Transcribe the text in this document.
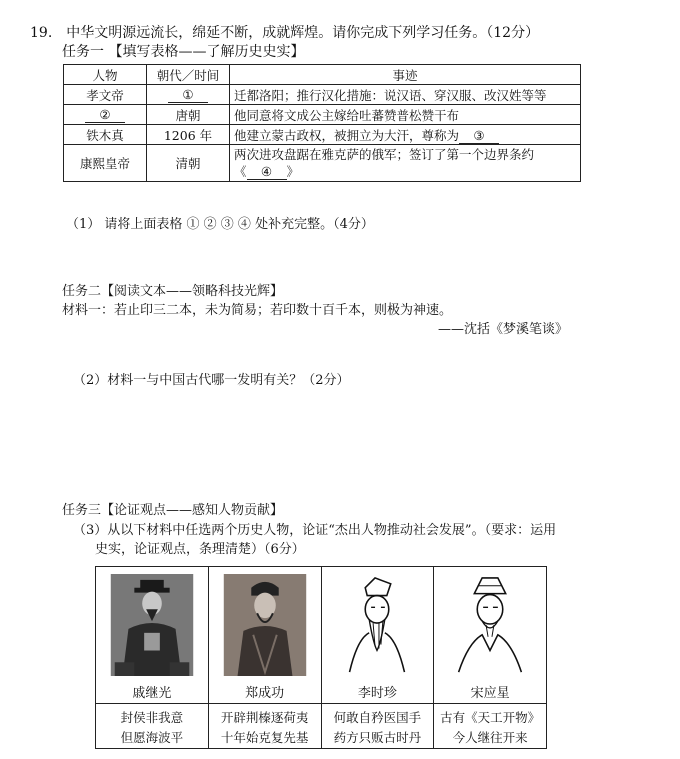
19. 中华文明源远流长，绵延不断，成就辉煌。请你完成下列学习任务。（12分）
任务一 【填写表格——了解历史史实】
人物	朝代／时间	事迹
孝文帝	①	迁都洛阳；推行汉化措施：说汉语、穿汉服、改汉姓等等
②	唐朝	他同意将文成公主嫁给吐蕃赞普松赞干布
铁木真	1206 年	他建立蒙古政权，被拥立为大汗，尊称为 ③
康熙皇帝	清朝	两次进攻盘踞在雅克萨的俄军；签订了第一个边界条约
《 ④ 》
（1） 请将上面表格 ① ② ③ ④ 处补充完整。（4分）
任务二【阅读文本——领略科技光辉】
材料一：若止印三二本，未为简易；若印数十百千本，则极为神速。
——沈括《梦溪笔谈》
（2）材料一与中国古代哪一发明有关？（2分）
任务三【论证观点——感知人物贡献】
（3）从以下材料中任选两个历史人物，论证“杰出人物推动社会发展”。（要求：运用
史实，论证观点，条理清楚）（6分）
戚继光
封侯非我意
但愿海波平
郑成功
开辟荆榛逐荷夷
十年始克复先基
李时珍
何敢自矜医国手
药方只贩古时丹
宋应星
古有《天工开物》
今人继往开来
